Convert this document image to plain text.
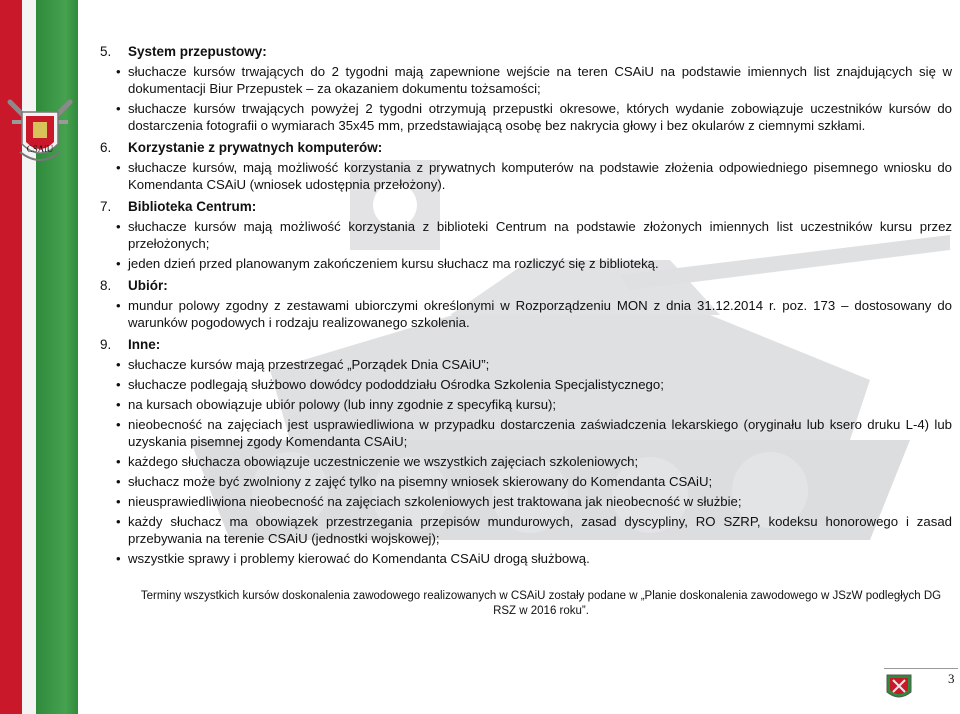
CSAiU
5.	System przepustowy:
• słuchacze kursów trwających do 2 tygodni mają zapewnione wejście na teren CSAiU na podstawie imiennych list znajdujących się w dokumentacji Biur Przepustek – za okazaniem dokumentu tożsamości;
• słuchacze kursów trwających powyżej 2 tygodni otrzymują przepustki okresowe, których wydanie zobowiązuje uczestników kursów do dostarczenia fotografii o wymiarach 35x45 mm, przedstawiającą osobę bez nakrycia głowy i bez okularów z ciemnymi szkłami.
6.	Korzystanie z prywatnych komputerów:
• słuchacze kursów, mają możliwość korzystania z prywatnych komputerów na podstawie złożenia odpowiedniego pisemnego wniosku do Komendanta CSAiU (wniosek udostępnia przełożony).
7.	Biblioteka Centrum:
• słuchacze kursów mają możliwość korzystania z biblioteki Centrum na podstawie złożonych imiennych list uczestników kursu przez przełożonych;
• jeden dzień przed planowanym zakończeniem kursu słuchacz ma rozliczyć się z biblioteką.
8.	Ubiór:
• mundur polowy zgodny z zestawami ubiorczymi określonymi w Rozporządzeniu MON z dnia 31.12.2014 r. poz. 173 – dostosowany do warunków pogodowych i rodzaju realizowanego szkolenia.
9.	Inne:
• słuchacze kursów mają przestrzegać „Porządek Dnia CSAiU”;
• słuchacze podlegają służbowo dowódcy pododdziału Ośrodka Szkolenia Specjalistycznego;
• na kursach obowiązuje ubiór polowy (lub inny zgodnie z specyfiką kursu);
• nieobecność na zajęciach jest usprawiedliwiona w przypadku dostarczenia zaświadczenia lekarskiego (oryginału lub ksero druku L-4) lub uzyskania pisemnej zgody Komendanta CSAiU;
• każdego słuchacza obowiązuje uczestniczenie we wszystkich zajęciach szkoleniowych;
• słuchacz może być zwolniony z zajęć tylko na pisemny wniosek skierowany do Komendanta CSAiU;
• nieusprawiedliwiona nieobecność na zajęciach szkoleniowych jest traktowana jak nieobecność w służbie;
• każdy słuchacz ma obowiązek przestrzegania przepisów mundurowych, zasad dyscypliny, RO SZRP, kodeksu honorowego i zasad przebywania na terenie CSAiU (jednostki wojskowej);
• wszystkie sprawy i problemy kierować do Komendanta CSAiU drogą służbową.
Terminy wszystkich kursów doskonalenia zawodowego realizowanych w CSAiU zostały podane w „Planie doskonalenia zawodowego w JSzW podległych DG RSZ w 2016 roku”.
3
